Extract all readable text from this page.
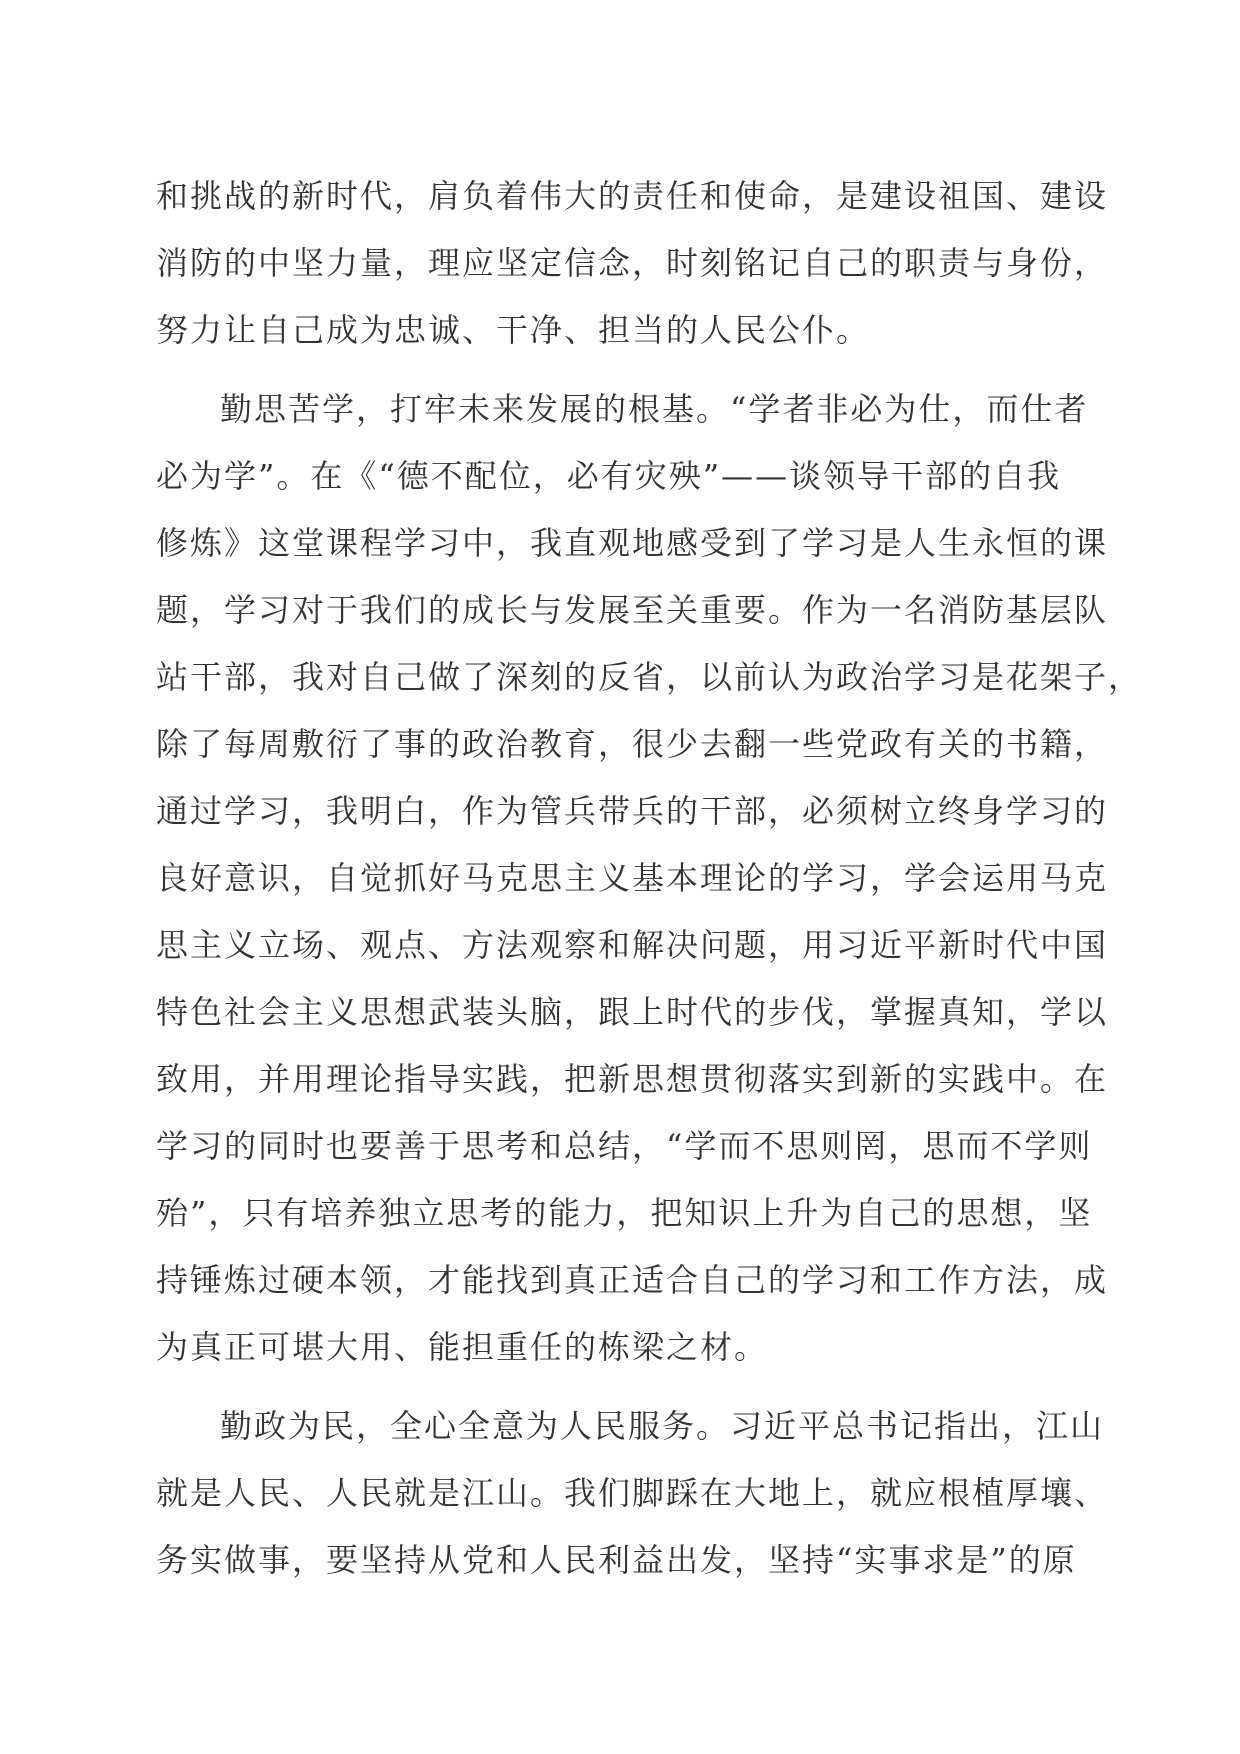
和挑战的新时代，肩负着伟大的责任和使命，是建设祖国、建设
消防的中坚力量，理应坚定信念，时刻铭记自己的职责与身份，
努力让自己成为忠诚、干净、担当的人民公仆。
勤思苦学，打牢未来发展的根基。“学者非必为仕，而仕者
必为学”。在《“德不配位，必有灾殃”——谈领导干部的自我
修炼》这堂课程学习中，我直观地感受到了学习是人生永恒的课
题，学习对于我们的成长与发展至关重要。作为一名消防基层队
站干部，我对自己做了深刻的反省，以前认为政治学习是花架子，
除了每周敷衍了事的政治教育，很少去翻一些党政有关的书籍，
通过学习，我明白，作为管兵带兵的干部，必须树立终身学习的
良好意识，自觉抓好马克思主义基本理论的学习，学会运用马克
思主义立场、观点、方法观察和解决问题，用习近平新时代中国
特色社会主义思想武装头脑，跟上时代的步伐，掌握真知，学以
致用，并用理论指导实践，把新思想贯彻落实到新的实践中。在
学习的同时也要善于思考和总结，“学而不思则罔，思而不学则
殆”，只有培养独立思考的能力，把知识上升为自己的思想，坚
持锤炼过硬本领，才能找到真正适合自己的学习和工作方法，成
为真正可堪大用、能担重任的栋梁之材。
勤政为民，全心全意为人民服务。习近平总书记指出，江山
就是人民、人民就是江山。我们脚踩在大地上，就应根植厚壤、
务实做事，要坚持从党和人民利益出发，坚持“实事求是”的原
